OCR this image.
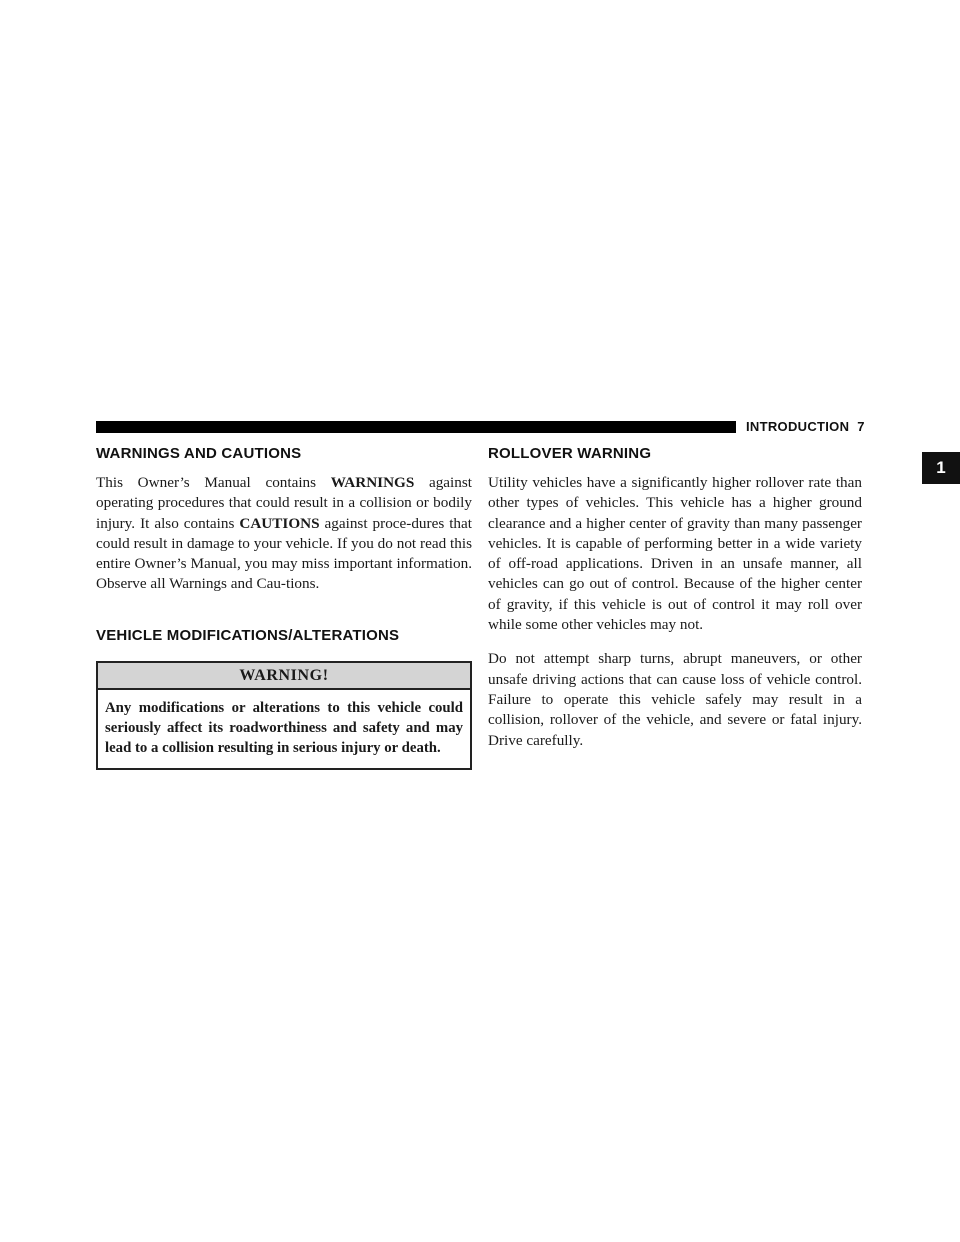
INTRODUCTION 7
1
WARNINGS AND CAUTIONS

This Owner’s Manual contains WARNINGS against operating procedures that could result in a collision or bodily injury. It also contains CAUTIONS against proce-dures that could result in damage to your vehicle. If you do not read this entire Owner’s Manual, you may miss important information. Observe all Warnings and Cau-tions.

VEHICLE MODIFICATIONS/ALTERATIONS
WARNING!
Any modifications or alterations to this vehicle could seriously affect its roadworthiness and safety and may lead to a collision resulting in serious injury or death.
ROLLOVER WARNING

Utility vehicles have a significantly higher rollover rate than other types of vehicles. This vehicle has a higher ground clearance and a higher center of gravity than many passenger vehicles. It is capable of performing better in a wide variety of off-road applications. Driven in an unsafe manner, all vehicles can go out of control. Because of the higher center of gravity, if this vehicle is out of control it may roll over while some other vehicles may not.

Do not attempt sharp turns, abrupt maneuvers, or other unsafe driving actions that can cause loss of vehicle control. Failure to operate this vehicle safely may result in a collision, rollover of the vehicle, and severe or fatal injury. Drive carefully.
